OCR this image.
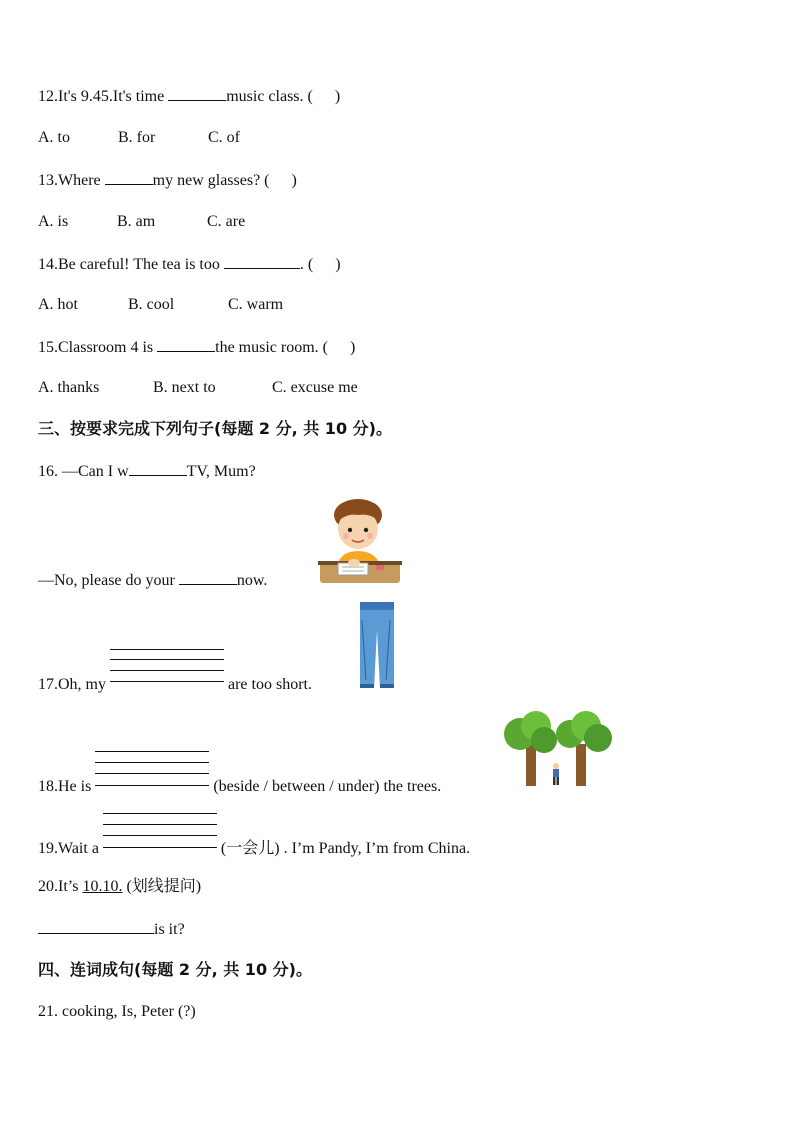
12.It's 9.45.It's time	music class. ( )
A. to	B. for	C. of
13.Where	my new glasses? ( )
A. is	B. am	C. are
14.Be careful! The tea is too	. ( )
A. hot	B. cool	C. warm
15.Classroom 4 is	the music room. ( )
A. thanks	B. next to	C. excuse me
三、按要求完成下列句子(每题 2 分, 共 10 分)。
16. —Can I w	TV, Mum?
—No, please do your	now.
17.Oh, my	are too short.
18.He is	(beside / between / under) the trees.
19.Wait a	(一会儿) . I’m Pandy, I’m from China.
20.It’s 10.10. (划线提问)
is it?
四、连词成句(每题 2 分, 共 10 分)。
21. cooking, Is, Peter (?)
